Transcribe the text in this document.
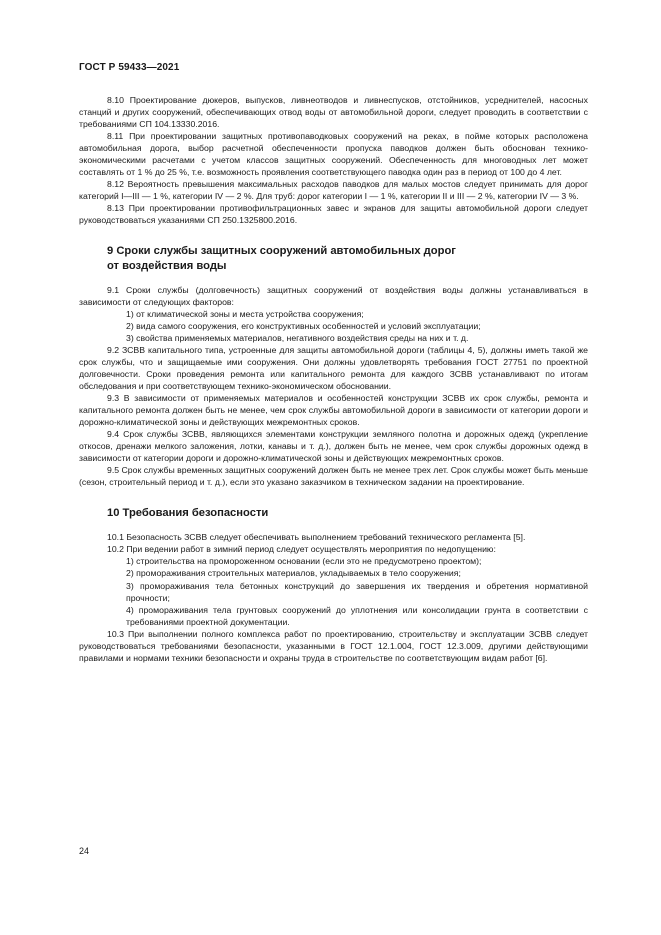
ГОСТ Р 59433—2021

8.10 Проектирование дюкеров, выпусков, ливнеотводов и ливнеспусков, отстойников, усреднителей, насосных станций и других сооружений, обеспечивающих отвод воды от автомобильной дороги, следует проводить в соответствии с требованиями СП 104.13330.2016.

8.11 При проектировании защитных противопаводковых сооружений на реках, в пойме которых расположена автомобильная дорога, выбор расчетной обеспеченности пропуска паводков должен быть обоснован технико-экономическими расчетами с учетом классов защитных сооружений. Обеспеченность для многоводных лет может составлять от 1 % до 25 %, т.е. возможность проявления соответствующего паводка один раз в период от 100 до 4 лет.

8.12 Вероятность превышения максимальных расходов паводков для малых мостов следует принимать для дорог категорий I—III — 1 %, категории IV — 2 %. Для труб: дорог категории I — 1 %, категории II и III — 2 %, категории IV — 3 %.

8.13 При проектировании противофильтрационных завес и экранов для защиты автомобильной дороги следует руководствоваться указаниями СП 250.1325800.2016.

9 Сроки службы защитных сооружений автомобильных дорог
от воздействия воды

9.1 Сроки службы (долговечность) защитных сооружений от воздействия воды должны устанавливаться в зависимости от следующих факторов:

1) от климатической зоны и места устройства сооружения;

2) вида самого сооружения, его конструктивных особенностей и условий эксплуатации;

3) свойства применяемых материалов, негативного воздействия среды на них и т. д.

9.2 ЗСВВ капитального типа, устроенные для защиты автомобильной дороги (таблицы 4, 5), должны иметь такой же срок службы, что и защищаемые ими сооружения. Они должны удовлетворять требования ГОСТ 27751 по проектной долговечности. Сроки проведения ремонта или капитального ремонта для каждого ЗСВВ устанавливают по итогам обследования и при соответствующем технико-экономическом обосновании.

9.3 В зависимости от применяемых материалов и особенностей конструкции ЗСВВ их срок службы, ремонта и капитального ремонта должен быть не менее, чем срок службы автомобильной дороги в зависимости от категории дороги и дорожно-климатической зоны и действующих межремонтных сроков.

9.4 Срок службы ЗСВВ, являющихся элементами конструкции земляного полотна и дорожных одежд (укрепление откосов, дренажи мелкого заложения, лотки, канавы и т. д.), должен быть не менее, чем срок службы дорожных одежд в зависимости от категории дороги и дорожно-климатической зоны и действующих межремонтных сроков.

9.5 Срок службы временных защитных сооружений должен быть не менее трех лет. Срок службы может быть меньше (сезон, строительный период и т. д.), если это указано заказчиком в техническом задании на проектирование.

10 Требования безопасности

10.1 Безопасность ЗСВВ следует обеспечивать выполнением требований технического регламента [5].

10.2 При ведении работ в зимний период следует осуществлять мероприятия по недопущению:

1) строительства на промороженном основании (если это не предусмотрено проектом);

2) промораживания строительных материалов, укладываемых в тело сооружения;

3) промораживания тела бетонных конструкций до завершения их твердения и обретения нормативной прочности;

4) промораживания тела грунтовых сооружений до уплотнения или консолидации грунта в соответствии с требованиями проектной документации.

10.3 При выполнении полного комплекса работ по проектированию, строительству и эксплуатации ЗСВВ следует руководствоваться требованиями безопасности, указанными в ГОСТ 12.1.004, ГОСТ 12.3.009, другими действующими правилами и нормами техники безопасности и охраны труда в строительстве по соответствующим видам работ [6].

24
